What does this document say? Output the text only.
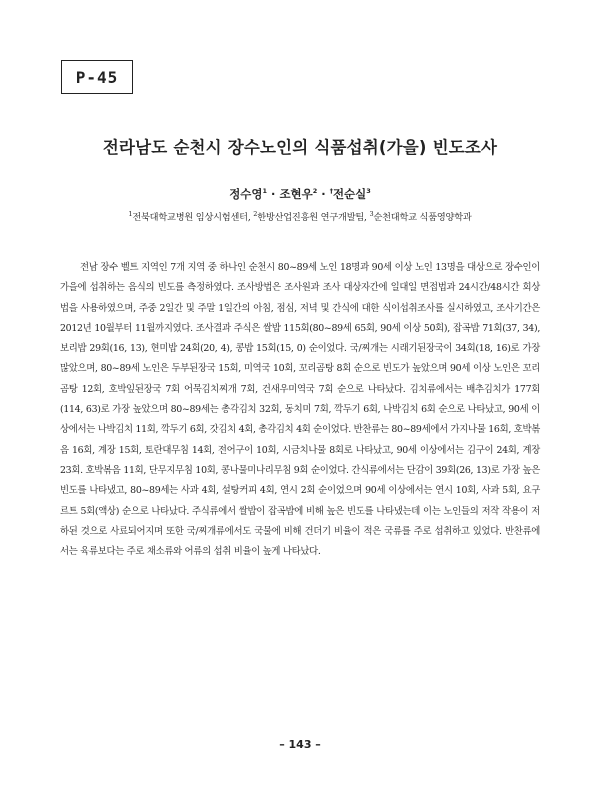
P-45
전라남도 순천시 장수노인의 식품섭취(가을) 빈도조사
정수영$^1$ · 조현우$^2$ · †전순실$^3$
$^1$전북대학교병원 임상시험센터, $^2$한방산업진흥원 연구개발팀, $^3$순천대학교 식품영양학과

전남 장수 벨트 지역인 7개 지역 중 하나인 순천시 80~89세 노인 18명과 90세 이상 노인 13명을 대상으로 장수인이 가을에 섭취하는 음식의 빈도를 측정하였다. 조사방법은 조사원과 조사 대상자간에 일대일 면접법과 24시간/48시간 회상법을 사용하였으며, 주중 2일간 및 주말 1일간의 아침, 점심, 저녁 및 간식에 대한 식이섭취조사를 실시하였고, 조사기간은 2012년 10월부터 11월까지였다. 조사결과 주식은 쌀밥 115회(80~89세 65회, 90세 이상 50회), 잡곡밥 71회(37, 34), 보리밥 29회(16, 13), 현미밥 24회(20, 4), 콩밥 15회(15, 0) 순이었다. 국/찌개는 시래기된장국이 34회(18, 16)로 가장 많았으며, 80~89세 노인은 두부된장국 15회, 미역국 10회, 꼬리곰탕 8회 순으로 빈도가 높았으며 90세 이상 노인은 꼬리곰탕 12회, 호박잎된장국 7회 어묵김치찌개 7회, 건새우미역국 7회 순으로 나타났다. 김치류에서는 배추김치가 177회(114, 63)로 가장 높았으며 80~89세는 총각김치 32회, 동치미 7회, 깍두기 6회, 나박김치 6회 순으로 나타났고, 90세 이상에서는 나박김치 11회, 깍두기 6회, 갓김치 4회, 총각김치 4회 순이었다. 반찬류는 80~89세에서 가지나물 16회, 호박볶음 16회, 계장 15회, 토란대무침 14회, 전어구이 10회, 시금치나물 8회로 나타났고, 90세 이상에서는 김구이 24회, 계장 23회. 호박볶음 11회, 단무지무침 10회, 콩나물미나리무침 9회 순이었다. 간식류에서는 단감이 39회(26, 13)로 가장 높은 빈도를 나타냈고, 80~89세는 사과 4회, 설탕커피 4회, 연시 2회 순이었으며 90세 이상에서는 연시 10회, 사과 5회, 요구르트 5회(액상) 순으로 나타났다. 주식류에서 쌀밥이 잡곡밥에 비해 높은 빈도를 나타냈는데 이는 노인들의 저작 작용이 저하된 것으로 사료되어지며 또한 국/찌개류에서도 국물에 비해 건더기 비율이 적은 국류를 주로 섭취하고 있었다. 반찬류에서는 육류보다는 주로 채소류와 어류의 섭취 비율이 높게 나타났다.

– 143 –
